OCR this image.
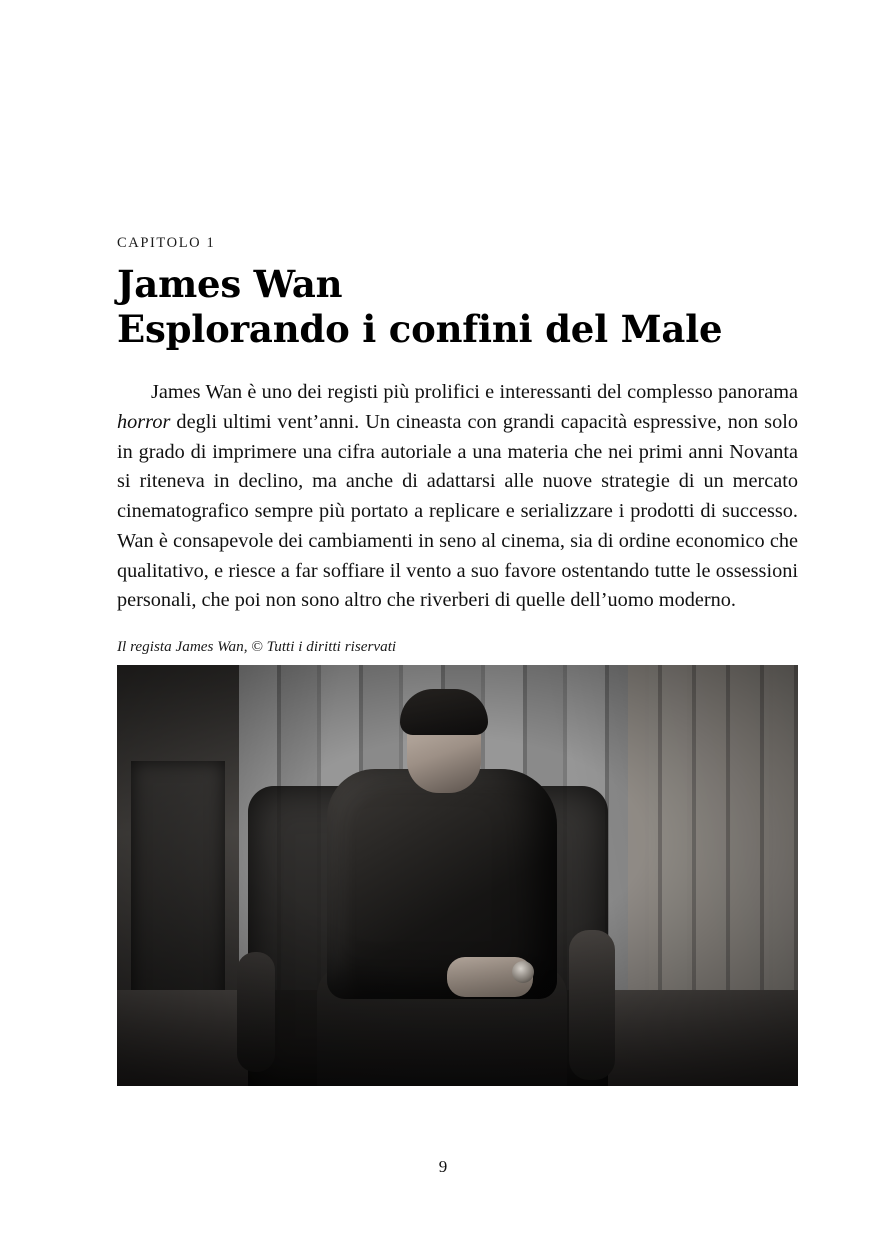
CAPITOLO 1
James Wan
Esplorando i confini del Male

James Wan è uno dei registi più prolifici e interessanti del complesso panorama horror degli ultimi vent’anni. Un cineasta con grandi capacità espressive, non solo in grado di imprimere una cifra autoriale a una materia che nei primi anni Novanta si riteneva in declino, ma anche di adattarsi alle nuove strategie di un mercato cinematografico sempre più portato a replicare e serializzare i prodotti di successo. Wan è consapevole dei cambiamenti in seno al cinema, sia di ordine economico che qualitativo, e riesce a far soffiare il vento a suo favore ostentando tutte le ossessioni personali, che poi non sono altro che riverberi di quelle dell’uomo moderno.

Il regista James Wan, © Tutti i diritti riservati
9
